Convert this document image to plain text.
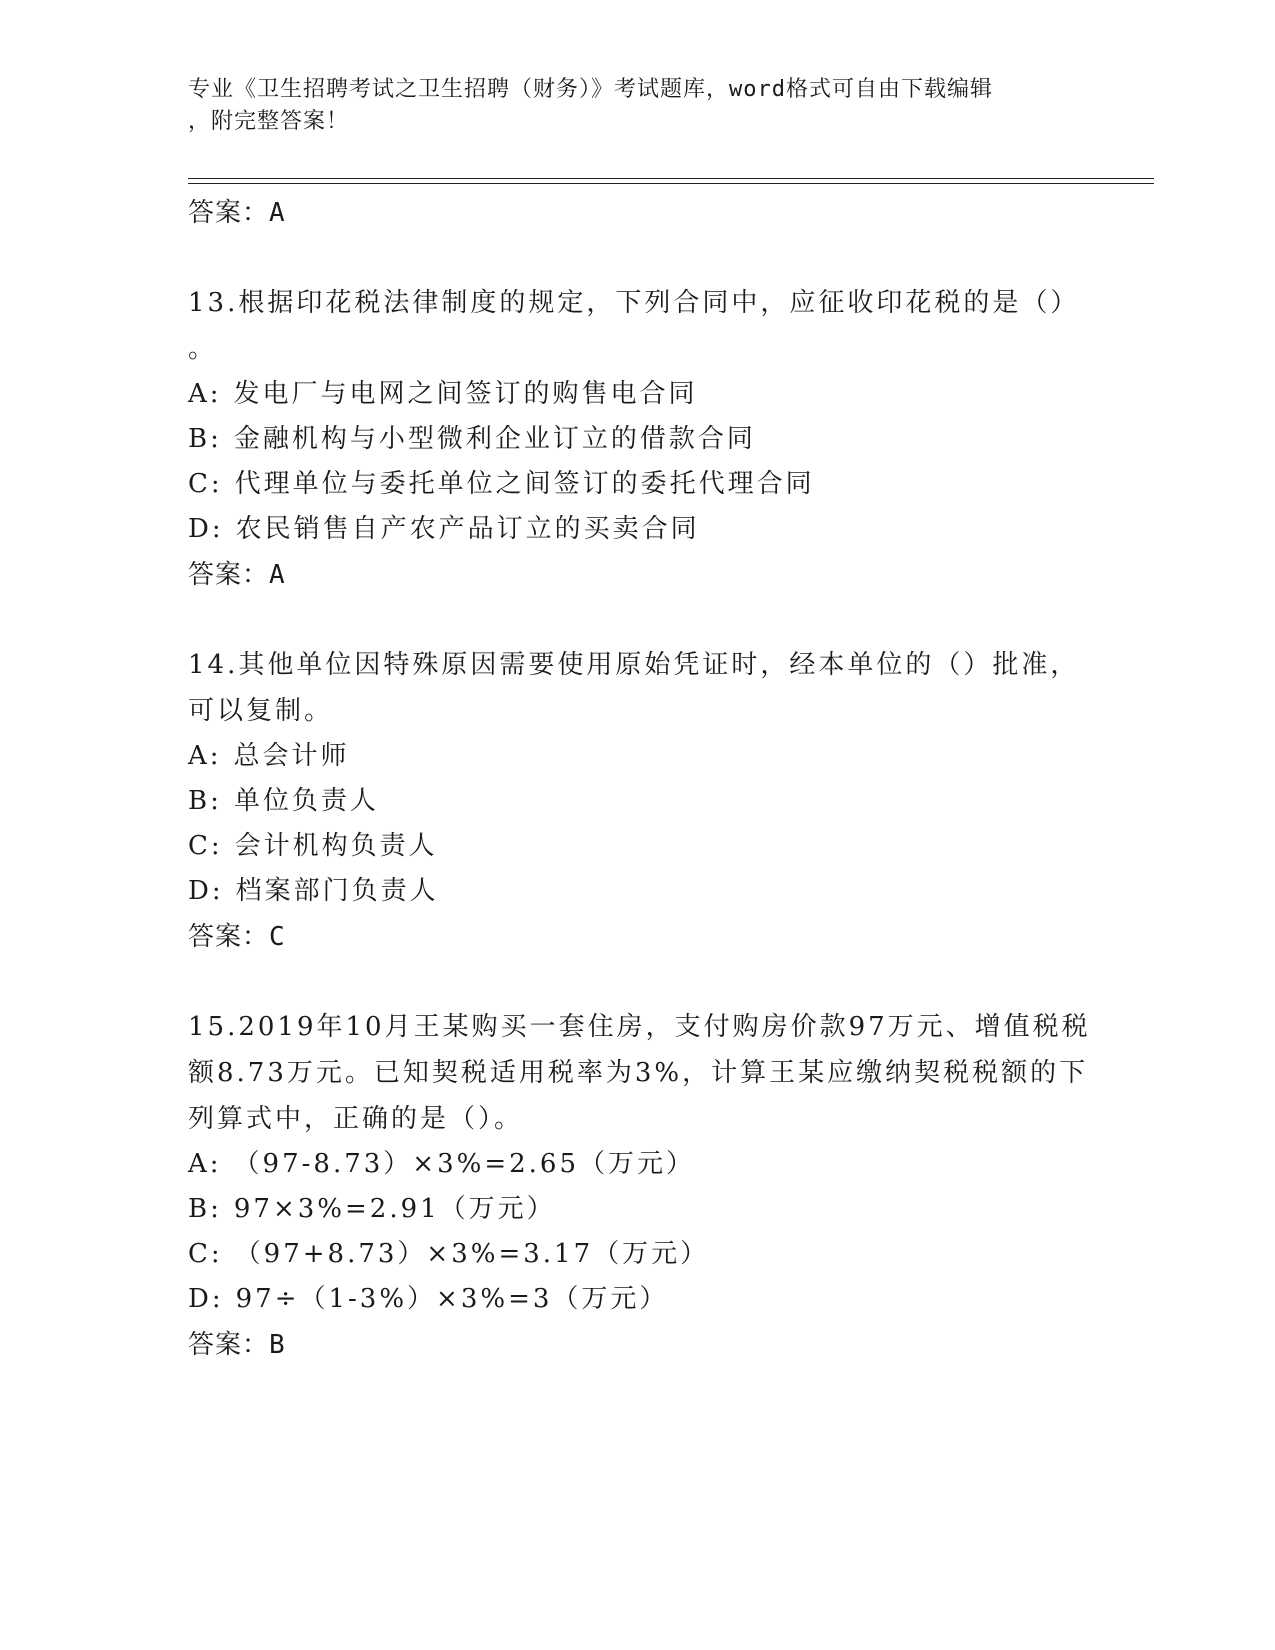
专业《卫生招聘考试之卫生招聘（财务）》考试题库，word格式可自由下载编辑
，附完整答案！
答案：A
13.根据印花税法律制度的规定，下列合同中，应征收印花税的是（）
。
A: 发电厂与电网之间签订的购售电合同
B: 金融机构与小型微利企业订立的借款合同
C: 代理单位与委托单位之间签订的委托代理合同
D: 农民销售自产农产品订立的买卖合同
答案：A
14.其他单位因特殊原因需要使用原始凭证时，经本单位的（）批准，
可以复制。
A: 总会计师
B: 单位负责人
C: 会计机构负责人
D: 档案部门负责人
答案：C
15.2019年10月王某购买一套住房，支付购房价款97万元、增值税税
额8.73万元。已知契税适用税率为3%，计算王某应缴纳契税税额的下
列算式中，正确的是（）。
A: （97-8.73）×3%=2.65（万元）
B: 97×3%=2.91（万元）
C: （97+8.73）×3%=3.17（万元）
D: 97÷（1-3%）×3%=3（万元）
答案：B
